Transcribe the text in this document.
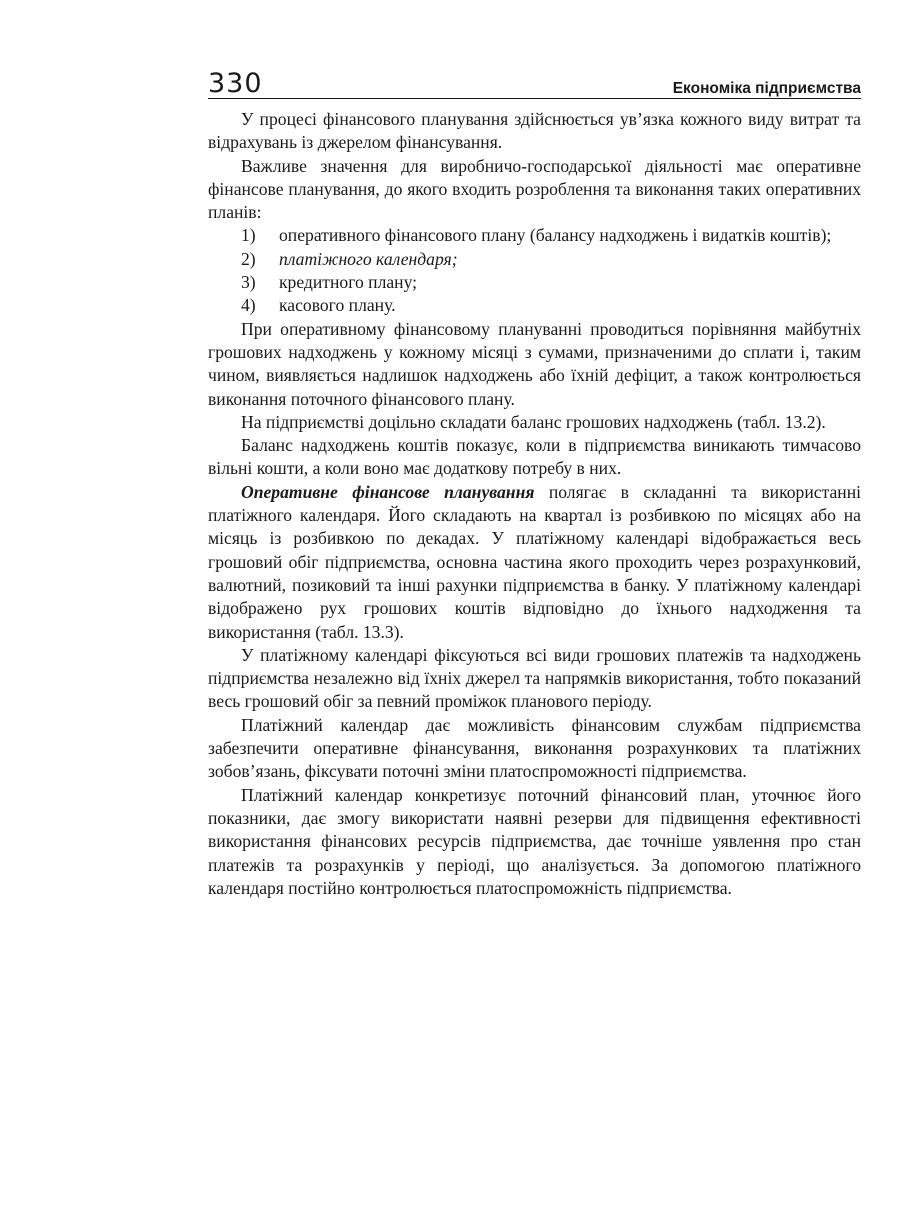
330	Економіка підприємства

У процесі фінансового планування здійснюється ув’язка кожного виду витрат та відрахувань із джерелом фінансування.

Важливе значення для виробничо-господарської діяльності має оперативне фінансове планування, до якого входить розроблення та виконання таких оперативних планів:

1)	оперативного фінансового плану (балансу надходжень і видатків коштів);
2)	платіжного календаря;
3)	кредитного плану;
4)	касового плану.

При оперативному фінансовому плануванні проводиться порівняння майбутніх грошових надходжень у кожному місяці з сумами, призначеними до сплати і, таким чином, виявляється надлишок надходжень або їхній дефіцит, а також контролюється виконання поточного фінансового плану.

На підприємстві доцільно складати баланс грошових надходжень (табл. 13.2).

Баланс надходжень коштів показує, коли в підприємства виникають тимчасово вільні кошти, а коли воно має додаткову потребу в них.

Оперативне фінансове планування полягає в складанні та використанні платіжного календаря. Його складають на квартал із розбивкою по місяцях або на місяць із розбивкою по декадах. У платіжному календарі відображається весь грошовий обіг підприємства, основна частина якого проходить через розрахунковий, валютний, позиковий та інші рахунки підприємства в банку. У платіжному календарі відображено рух грошових коштів відповідно до їхнього надходження та використання (табл. 13.3).

У платіжному календарі фіксуються всі види грошових платежів та надходжень підприємства незалежно від їхніх джерел та напрямків використання, тобто показаний весь грошовий обіг за певний проміжок планового періоду.

Платіжний календар дає можливість фінансовим службам підприємства забезпечити оперативне фінансування, виконання розрахункових та платіжних зобов’язань, фіксувати поточні зміни платоспроможності підприємства.

Платіжний календар конкретизує поточний фінансовий план, уточнює його показники, дає змогу використати наявні резерви для підвищення ефективності використання фінансових ресурсів підприємства, дає точніше уявлення про стан платежів та розрахунків у періоді, що аналізується. За допомогою платіжного календаря постійно контролюється платоспроможність підприємства.
